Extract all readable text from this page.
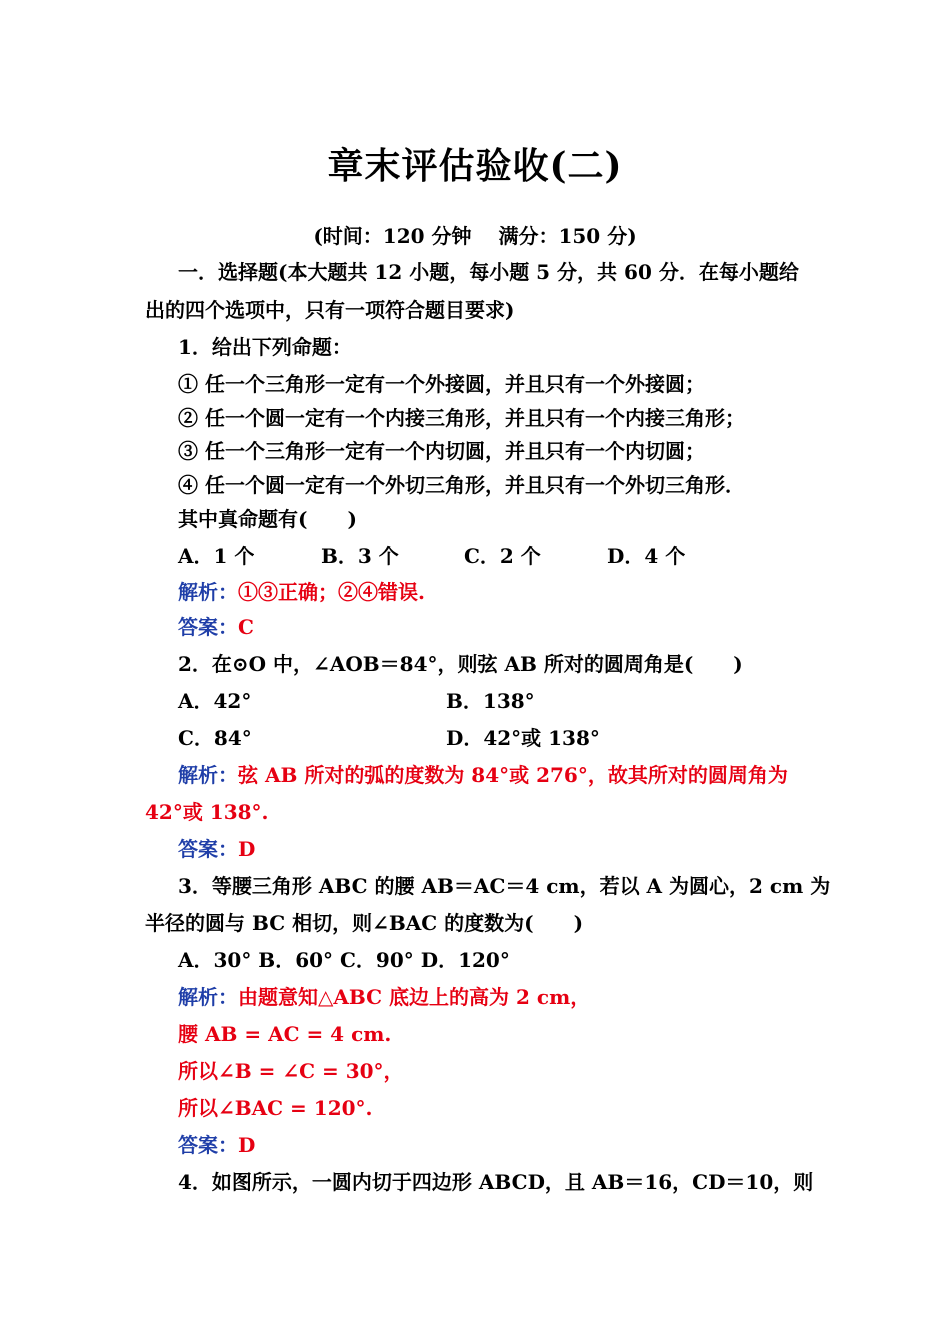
章末评估验收(二)
(时间：120 分钟　 满分：150 分)
一．选择题(本大题共 12 小题，每小题 5 分，共 60 分．在每小题给
出的四个选项中，只有一项符合题目要求)
1．给出下列命题：
① 任一个三角形一定有一个外接圆，并且只有一个外接圆；
② 任一个圆一定有一个内接三角形，并且只有一个内接三角形；
③ 任一个三角形一定有一个内切圆，并且只有一个内切圆；
④ 任一个圆一定有一个外切三角形，并且只有一个外切三角形．
其中真命题有(　　)
A．1 个	B．3 个	C．2 个	D．4 个
解析：①③正确；②④错误.
答案：C
2．在⊙O 中，∠AOB＝84°，则弦 AB 所对的圆周角是(　　)
A．42°	B．138°
C．84°	D．42°或 138°
解析：弦 AB 所对的弧的度数为 84°或 276°，故其所对的圆周角为
42°或 138°.
答案：D
3．等腰三角形 ABC 的腰 AB＝AC＝4 cm，若以 A 为圆心，2 cm 为
半径的圆与 BC 相切，则∠BAC 的度数为(　　)
A．30° B．60° C．90° D．120°
解析：由题意知△ABC 底边上的高为 2 cm，
腰 AB = AC = 4 cm.
所以∠B = ∠C = 30°，
所以∠BAC = 120°.
答案：D
4．如图所示，一圆内切于四边形 ABCD，且 AB＝16，CD＝10，则
